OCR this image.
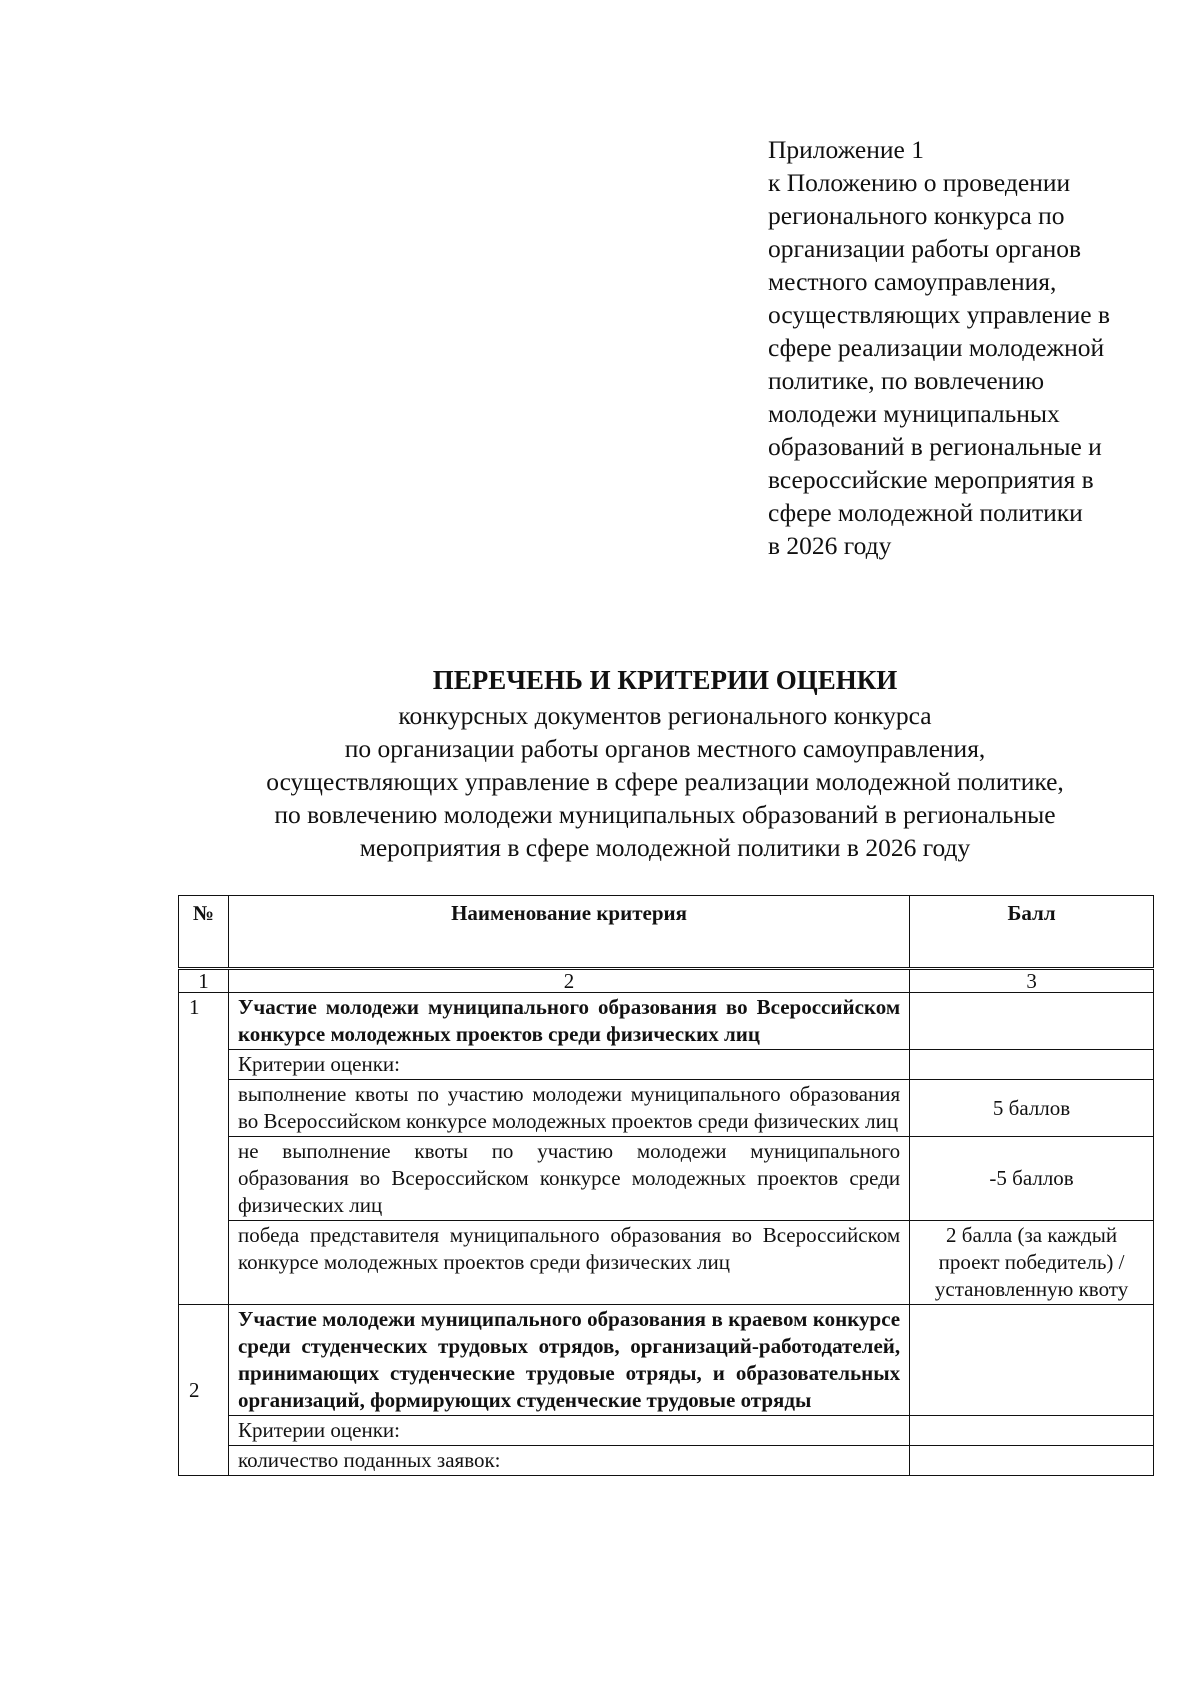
Приложение 1
к Положению о проведении
регионального конкурса по
организации работы органов
местного самоуправления,
осуществляющих управление в
сфере реализации молодежной
политике, по вовлечению
молодежи муниципальных
образований в региональные и
всероссийские мероприятия в
сфере молодежной политики
в 2026 году
ПЕРЕЧЕНЬ И КРИТЕРИИ ОЦЕНКИ
конкурсных документов регионального конкурса
по организации работы органов местного самоуправления,
осуществляющих управление в сфере реализации молодежной политике,
по вовлечению молодежи муниципальных образований в региональные
мероприятия в сфере молодежной политики в 2026 году
№	Наименование критерия	Балл
1	2	3
1	Участие молодежи муниципального образования во Всероссийском конкурсе молодежных проектов среди физических лиц	
	Критерии оценки:	
	выполнение квоты по участию молодежи муниципального образования во Всероссийском конкурсе молодежных проектов среди физических лиц	5 баллов
	не выполнение квоты по участию молодежи муниципального образования во Всероссийском конкурсе молодежных проектов среди физических лиц	-5 баллов
	победа представителя муниципального образования во Всероссийском конкурсе молодежных проектов среди физических лиц	2 балла (за каждый проект победитель) /установленную квоту
2	Участие молодежи муниципального образования в краевом конкурсе среди студенческих трудовых отрядов, организаций-работодателей, принимающих студенческие трудовые отряды, и образовательных организаций, формирующих студенческие трудовые отряды	
	Критерии оценки:	
	количество поданных заявок:	
